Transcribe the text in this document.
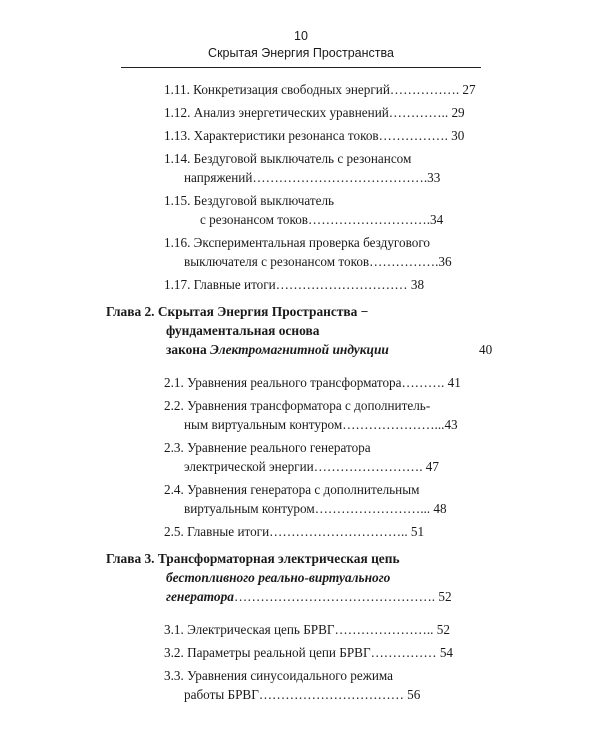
10
Скрытая Энергия Пространства
1.11. Конкретизация свободных энергий……………. 27
1.12. Анализ энергетических уравнений………….. 29
1.13. Характеристики резонанса токов……………. 30
1.14. Бездуговой выключатель с резонансом
напряжений………………………………….33
1.15. Бездуговой выключатель
с резонансом токов……………………….34
1.16. Экспериментальная проверка бездугового
выключателя с резонансом токов…………….36
1.17. Главные итоги………………………… 38
Глава 2. Скрытая Энергия Пространства −
фундаментальная основа
закона Электромагнитной индукции	40
2.1. Уравнения реального трансформатора………. 41
2.2. Уравнения трансформатора с дополнитель-
ным виртуальным контуром…………………...43
2.3. Уравнение реального генератора
электрической энергии……………………. 47
2.4. Уравнения генератора с дополнительным
виртуальным контуром……………………... 48
2.5. Главные итоги………………………….. 51
Глава 3. Трансформаторная электрическая цепь
бестопливного реально-виртуального
генератора………………………………………. 52
3.1. Электрическая цепь БРВГ………………….. 52
3.2. Параметры реальной цепи БРВГ…………… 54
3.3. Уравнения синусоидального режима
работы БРВГ…………………………… 56
